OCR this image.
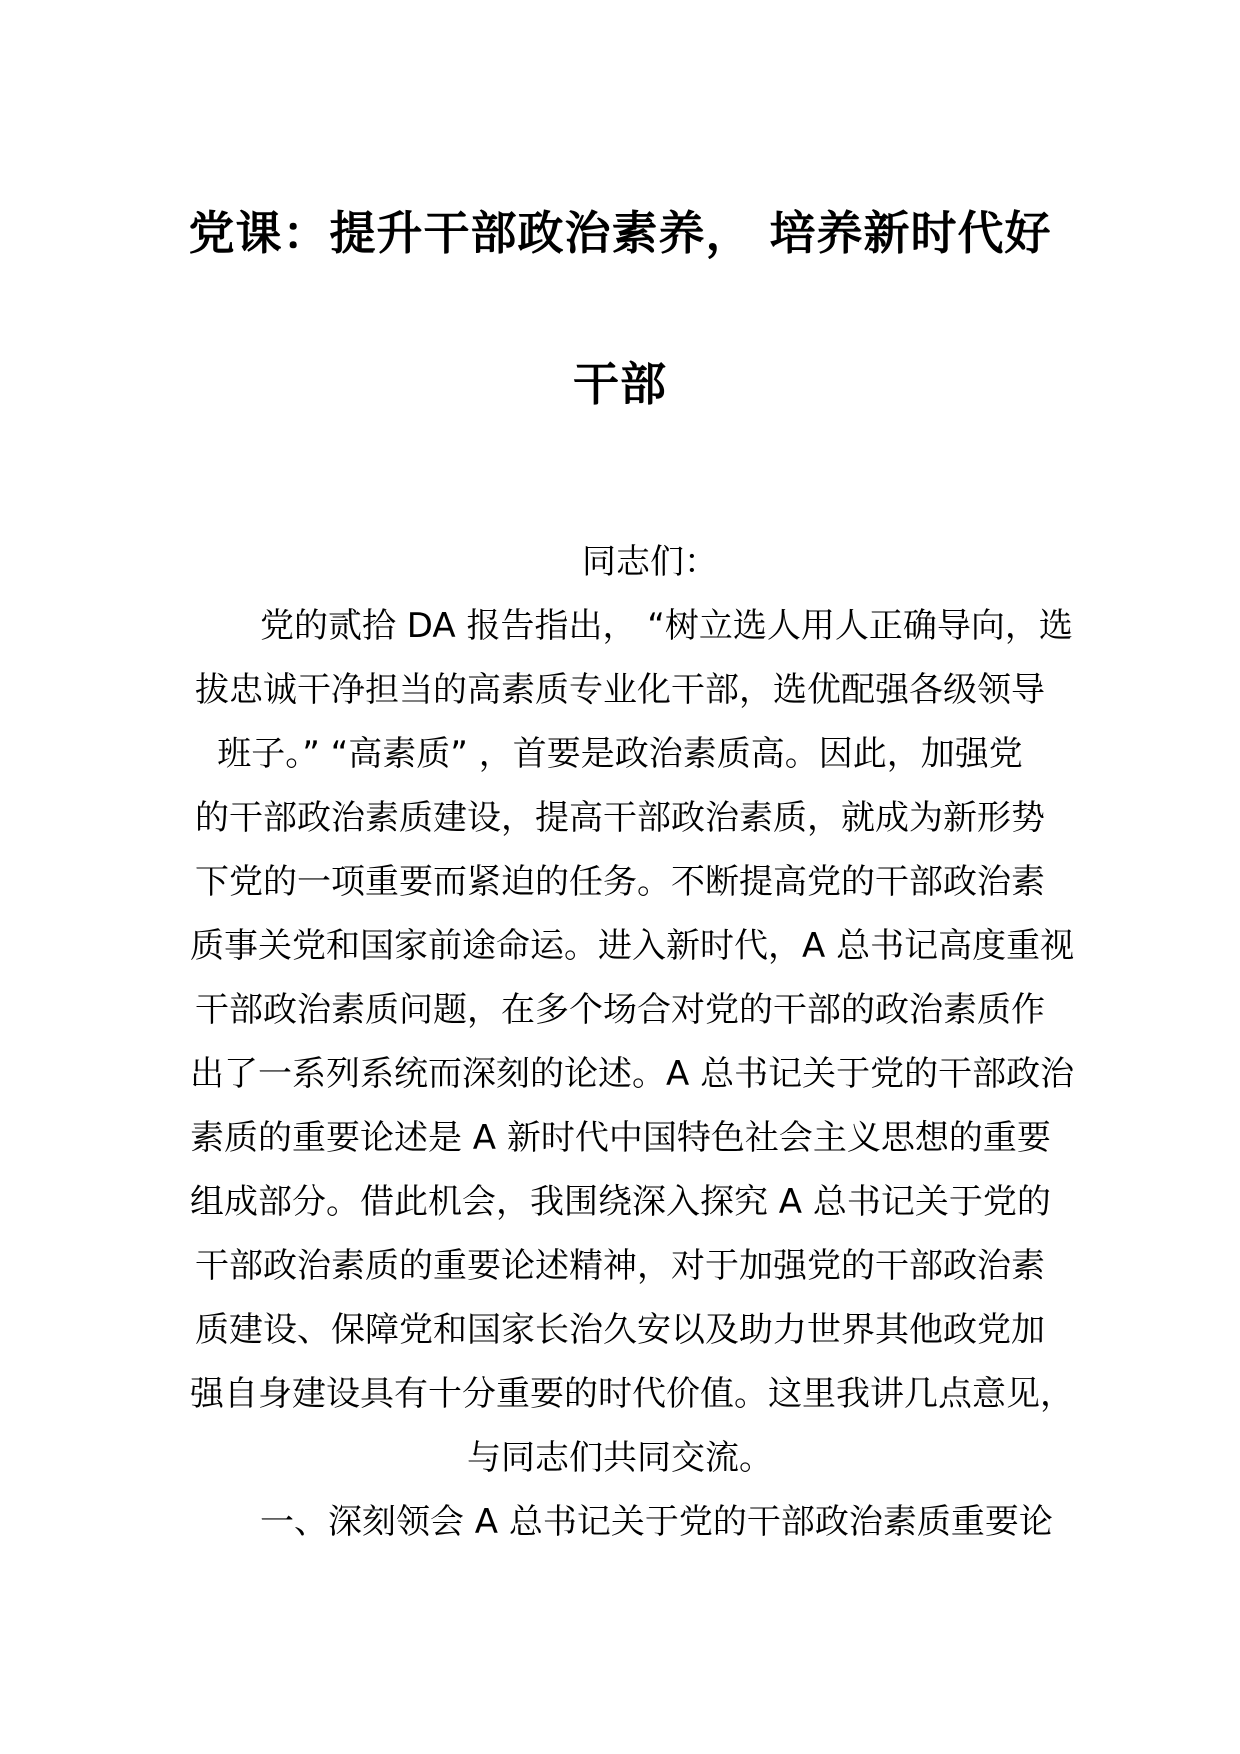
党课：提升干部政治素养， 培养新时代好
干部

同志们：

党的贰拾 DA 报告指出， “树立选人用人正确导向，选

拔忠诚干净担当的高素质专业化干部，选优配强各级领导

班子。” “高素质” ，首要是政治素质高。因此，加强党

的干部政治素质建设，提高干部政治素质，就成为新形势

下党的一项重要而紧迫的任务。不断提高党的干部政治素

质事关党和国家前途命运。进入新时代，A 总书记高度重视

干部政治素质问题，在多个场合对党的干部的政治素质作

出了一系列系统而深刻的论述。A 总书记关于党的干部政治

素质的重要论述是 A 新时代中国特色社会主义思想的重要

组成部分。借此机会，我围绕深入探究 A 总书记关于党的

干部政治素质的重要论述精神，对于加强党的干部政治素

质建设、保障党和国家长治久安以及助力世界其他政党加

强自身建设具有十分重要的时代价值。这里我讲几点意见，

与同志们共同交流。

一、深刻领会 A 总书记关于党的干部政治素质重要论
